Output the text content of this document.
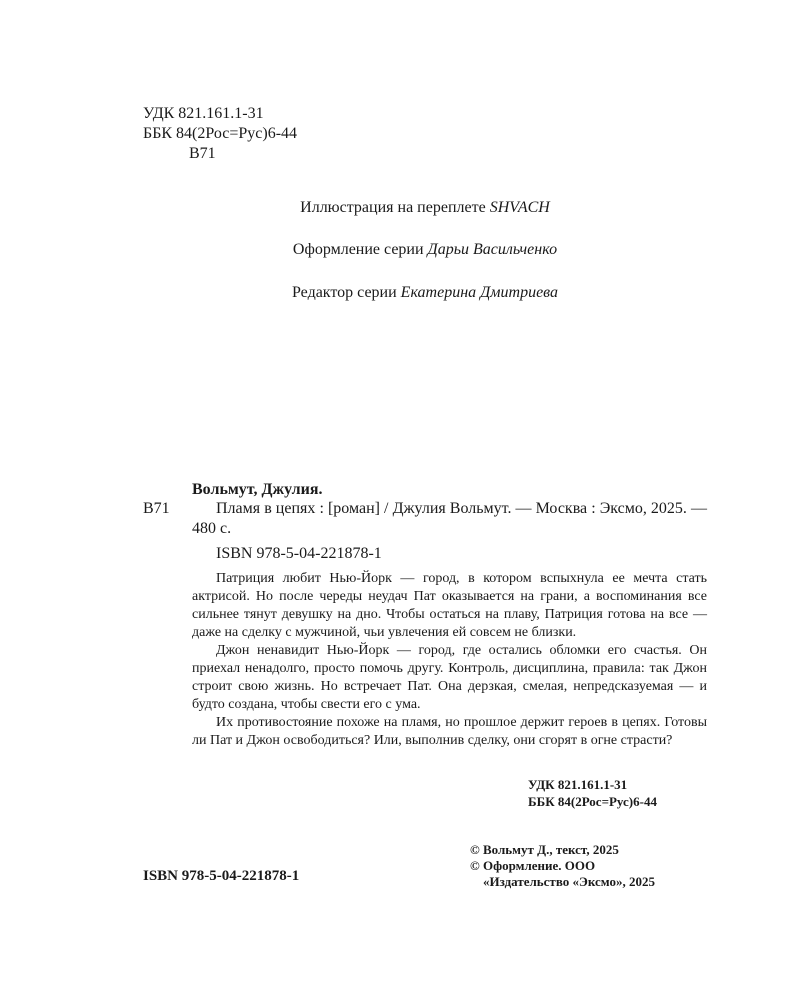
УДК 821.161.1-31
ББК 84(2Рос=Рус)6-44
В71
Иллюстрация на переплете SHVACH
Оформление серии Дарьи Васильченко
Редактор серии Екатерина Дмитриева
Вольмут, Джулия.
В71	Пламя в цепях : [роман] / Джулия Вольмут. — Москва : Эксмо, 2025. — 480 с.
ISBN 978-5-04-221878-1

Патриция любит Нью-Йорк — город, в котором вспыхнула ее мечта стать актрисой. Но после череды неудач Пат оказывается на грани, а воспоминания все сильнее тянут девушку на дно. Чтобы остаться на плаву, Патриция готова на все — даже на сделку с мужчиной, чьи увлечения ей совсем не близки.

Джон ненавидит Нью-Йорк — город, где остались обломки его счастья. Он приехал ненадолго, просто помочь другу. Контроль, дисциплина, правила: так Джон строит свою жизнь. Но встречает Пат. Она дерзкая, смелая, непредсказуемая — и будто создана, чтобы свести его с ума.

Их противостояние похоже на пламя, но прошлое держит героев в цепях. Готовы ли Пат и Джон освободиться? Или, выполнив сделку, они сгорят в огне страсти?

УДК 821.161.1-31
ББК 84(2Рос=Рус)6-44
© Вольмут Д., текст, 2025
© Оформление. ООО
«Издательство «Эксмо», 2025
ISBN 978-5-04-221878-1
